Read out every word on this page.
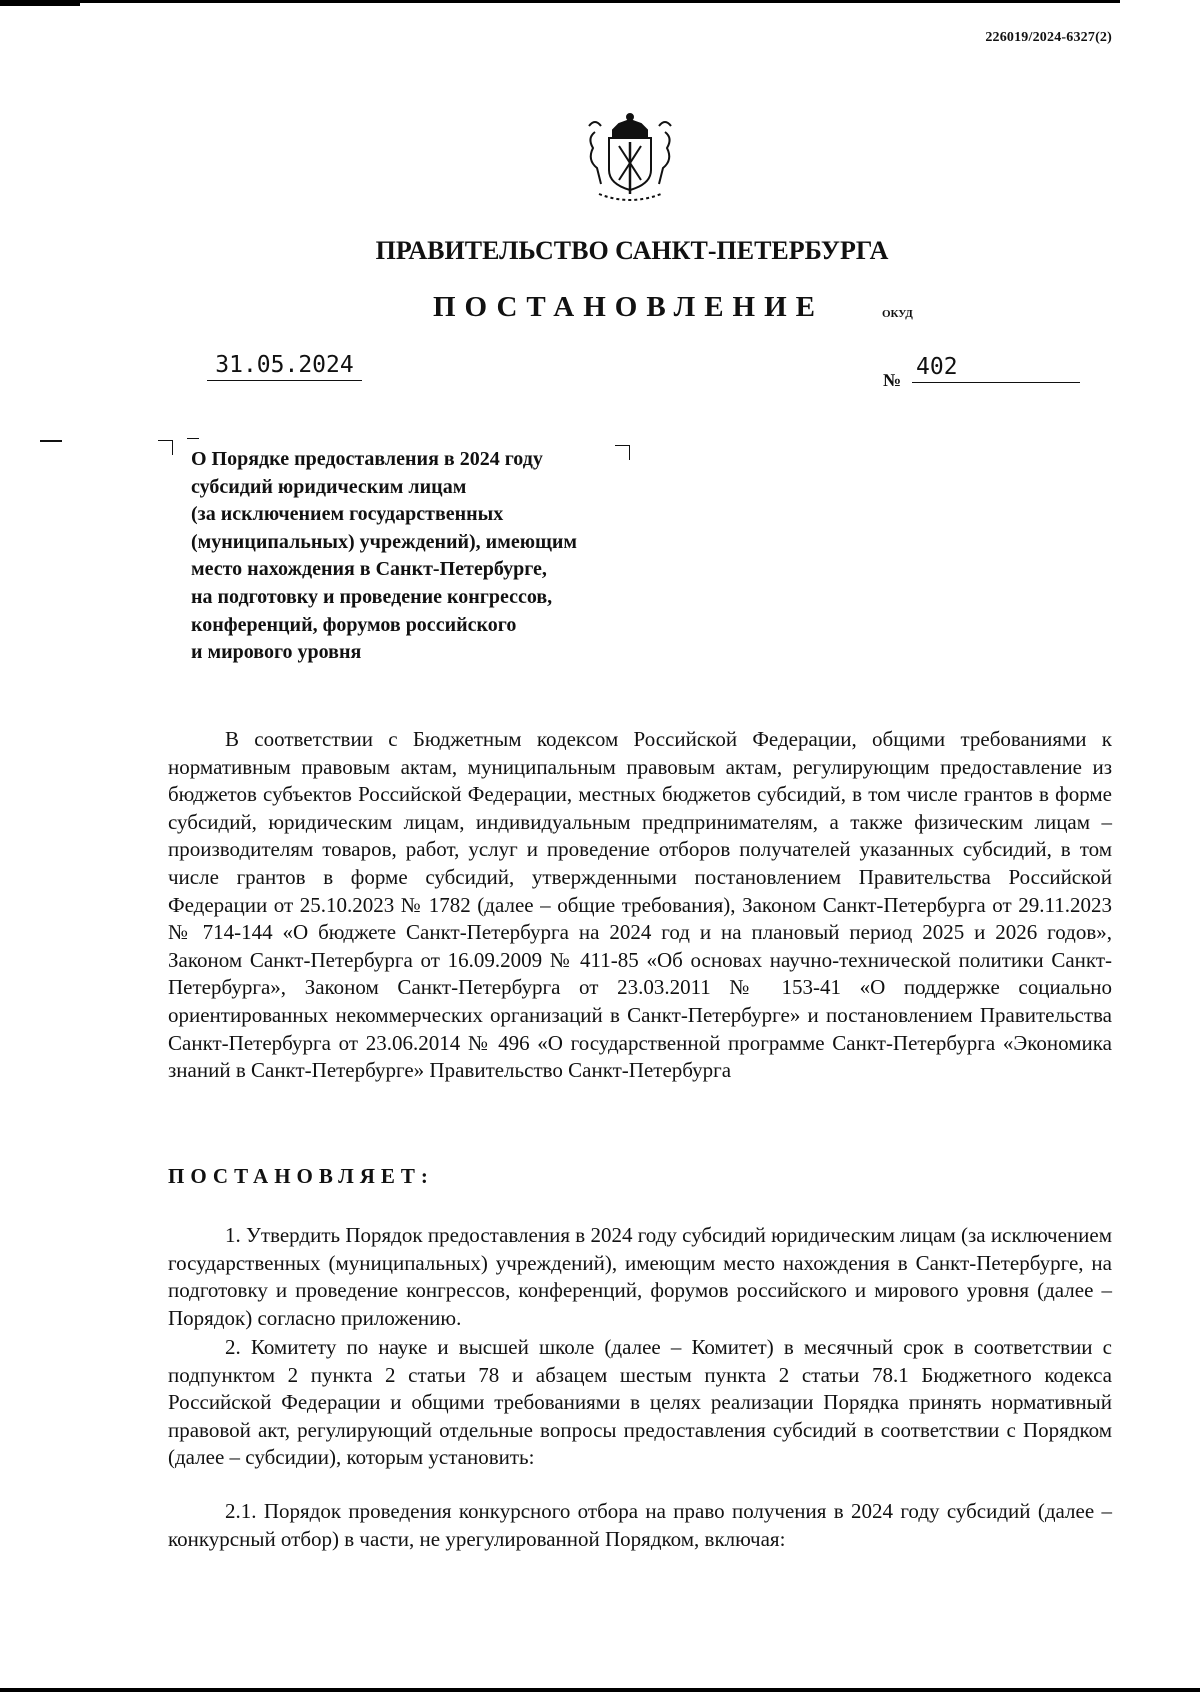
226019/2024-6327(2)
ПРАВИТЕЛЬСТВО САНКТ-ПЕТЕРБУРГА
ПОСТАНОВЛЕНИЕ	ОКУД
31.05.2024
№ 402
О Порядке предоставления в 2024 году
субсидий юридическим лицам
(за исключением государственных
(муниципальных) учреждений), имеющим
место нахождения в Санкт-Петербурге,
на подготовку и проведение конгрессов,
конференций, форумов российского
и мирового уровня
В соответствии с Бюджетным кодексом Российской Федерации, общими требованиями к нормативным правовым актам, муниципальным правовым актам, регулирующим предоставление из бюджетов субъектов Российской Федерации, местных бюджетов субсидий, в том числе грантов в форме субсидий, юридическим лицам, индивидуальным предпринимателям, а также физическим лицам – производителям товаров, работ, услуг и проведение отборов получателей указанных субсидий, в том числе грантов в форме субсидий, утвержденными постановлением Правительства Российской Федерации от 25.10.2023 № 1782 (далее – общие требования), Законом Санкт-Петербурга от 29.11.2023 № 714-144 «О бюджете Санкт-Петербурга на 2024 год и на плановый период 2025 и 2026 годов», Законом Санкт-Петербурга от 16.09.2009 № 411-85 «Об основах научно-технической политики Санкт-Петербурга», Законом Санкт-Петербурга от 23.03.2011 № 153-41 «О поддержке социально ориентированных некоммерческих организаций в Санкт-Петербурге» и постановлением Правительства Санкт-Петербурга от 23.06.2014 № 496 «О государственной программе Санкт-Петербурга «Экономика знаний в Санкт-Петербурге» Правительство Санкт-Петербурга
ПОСТАНОВЛЯЕТ:
1. Утвердить Порядок предоставления в 2024 году субсидий юридическим лицам (за исключением государственных (муниципальных) учреждений), имеющим место нахождения в Санкт-Петербурге, на подготовку и проведение конгрессов, конференций, форумов российского и мирового уровня (далее – Порядок) согласно приложению.
2. Комитету по науке и высшей школе (далее – Комитет) в месячный срок в соответствии с подпунктом 2 пункта 2 статьи 78 и абзацем шестым пункта 2 статьи 78.1 Бюджетного кодекса Российской Федерации и общими требованиями в целях реализации Порядка принять нормативный правовой акт, регулирующий отдельные вопросы предоставления субсидий в соответствии с Порядком (далее – субсидии), которым установить:
2.1. Порядок проведения конкурсного отбора на право получения в 2024 году субсидий (далее – конкурсный отбор) в части, не урегулированной Порядком, включая:
